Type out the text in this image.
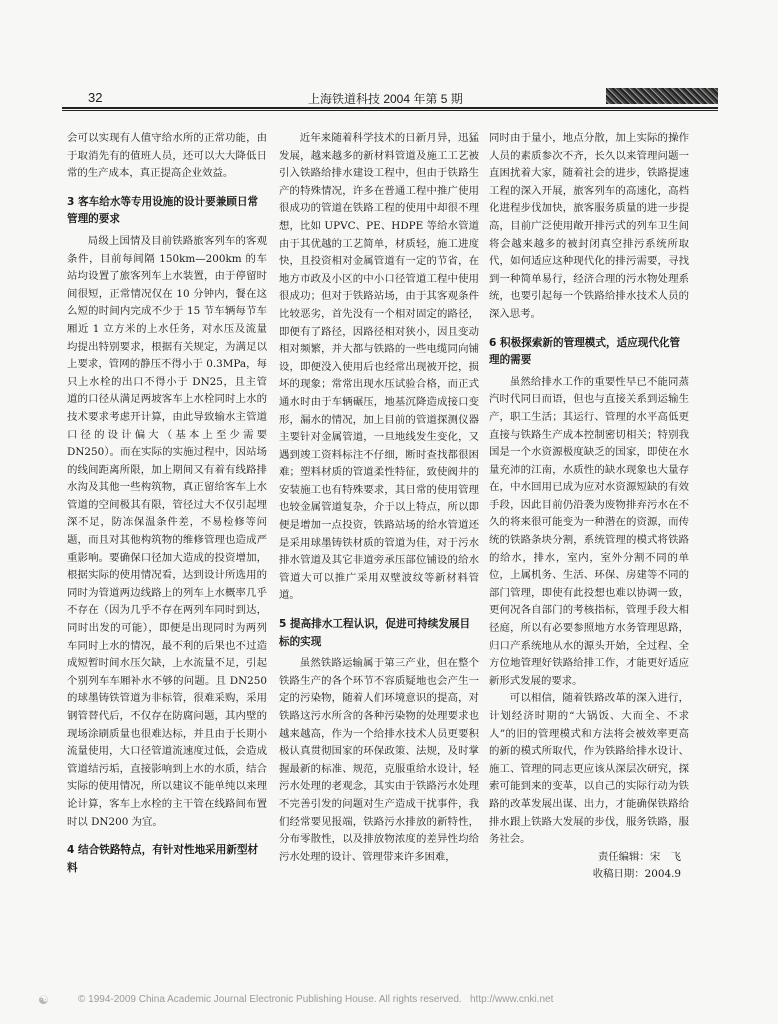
32	上海铁道科技 2004 年第 5 期

会可以实现有人值守给水所的正常功能，由于取消先有的值班人员，还可以大大降低日常的生产成本，真正提高企业效益。

3 客车给水等专用设施的设计要兼顾日常管理的要求

局级上国情及目前铁路旅客列车的客观条件，目前每间隔 150km—200km 的车站均设置了旅客列车上水装置，由于停留时间很短，正常情况仅在 10 分钟内，餐在这么短的时间内完成不少于 15 节车辆每节车厢近 1 立方米的上水任务，对水压及流量均提出特别要求，根据有关规定，为满足以上要求，管网的静压不得小于 0.3MPa，每只上水栓的出口不得小于 DN25，且主管道的口径从满足两坡客车上水栓同时上水的技术要求考虑开计算，由此导致输水主管道口径的设计偏大（基本上至少需要 DN250）。而在实际的实施过程中，因站场的线间距离所限，加上期间又有着有线路排水沟及其他一些构筑物，真正留给客车上水管道的空间极其有限，管径过大不仅引起埋深不足，防冻保温条件差，不易检修等问题，而且对其他构筑物的维修管理也造成严重影响。要确保口径加大造成的投资增加，根据实际的使用情况看，达到设计所选用的同时为管道两边线路上的列车上水概率几乎不存在（因为几乎不存在两列车同时到达，同时出发的可能），即便是出现同时为两列车同时上水的情况，最不利的后果也不过造成短暂时间水压欠缺，上水流量不足，引起个别列车车厢补水不够的问题。且 DN250 的球墨铸铁管道为非标管，很难采购，采用钢管替代后，不仅存在防腐问题，其内壁的现场涂刷质量也很难达标，并且由于长期小流量使用，大口径管道流速度过低，会造成管道结污垢，直接影响到上水的水质，结合实际的使用情况，所以建议不能单纯以来理论计算，客车上水栓的主干管在线路间布置时以 DN200 为宜。

4 结合铁路特点，有针对性地采用新型材料

近年来随着科学技术的日新月异，迅猛发展，越来越多的新材料管道及施工工艺被引入铁路给排水建设工程中，但由于铁路生产的特殊情况，许多在普通工程中推广使用很成功的管道在铁路工程的使用中却很不理想，比如 UPVC、PE、HDPE 等给水管道由于其优越的工艺简单，材质轻，施工进度快，且投资相对金属管道有一定的节省，在地方市政及小区的中小口径管道工程中使用很成功；但对于铁路站场，由于其客观条件比较恶劣，首先没有一个相对固定的路径，即便有了路径，因路径相对狭小，因且变动相对频繁，并大都与铁路的一些电缆同向铺设，即便没入使用后也经常出现被开挖，损坏的现象；常常出现水压试验合格，而正式通水时由于车辆碾压，地基沉降造成接口变形，漏水的情况，加上目前的管道探测仪器主要针对金属管道，一旦地线发生变化，又遇到竣工资料标注不仔细，断时查找都很困难；塑料材质的管道柔性特征，致使阀井的安装施工也有特殊要求，其日常的使用管理也较金属管道复杂，介于以上特点，所以即便是增加一点投资，铁路站场的给水管道还是采用球墨铸铁材质的管道为佳，对于污水排水管道及其它非道旁承压部位铺设的给水管道大可以推广采用双壁波纹等新材料管道。

5 提高排水工程认识，促进可持续发展目标的实现

虽然铁路运输属于第三产业，但在整个铁路生产的各个环节不容质疑地也会产生一定的污染物，随着人们环境意识的提高，对铁路这污水所含的各种污染物的处理要求也越来越高，作为一个给排水技术人员更要积极认真贯彻国家的环保政策、法规，及时掌握最新的标准、规范，克服重给水设计，轻污水处理的老观念，其实由于铁路污水处理不完善引发的问题对生产造成干扰事件，我们经常要见报端，铁路污水排放的新特性，分布零散性，以及排放物浓度的差异性均给污水处理的设计、管理带来许多困难，

同时由于量小，地点分散，加上实际的操作人员的素质参次不齐，长久以来管理问题一直困扰着大家，随着社会的进步，铁路提速工程的深入开展，旅客列车的高速化，高档化进程步伐加快，旅客服务质量的进一步提高，目前广泛使用敞开排污式的列车卫生间将会越来越多的被封闭真空排污系统所取代，如何适应这种现代化的排污需要，寻找到一种简单易行，经济合理的污水物处理系统，也要引起每一个铁路给排水技术人员的深入思考。

6 积极探索新的管理模式，适应现代化管理的需要

虽然给排水工作的重要性早已不能同蒸汽时代同日而语，但也与直接关系到运输生产，职工生活；其运行、管理的水平高低更直接与铁路生产成本控制密切相关；特别我国是一个水资源极度缺乏的国家，即使在水量充沛的江南，水质性的缺水现象也大量存在，中水回用已成为应对水资源短缺的有效手段，因此目前仍沿袭为废物排弃污水在不久的将来很可能变为一种潜在的资源，而传统的铁路条块分割，系统管理的模式将铁路的给水，排水，室内，室外分割不同的单位，上属机务、生活、环保、房建等不同的部门管理，即使有此投想也难以协调一致，更何况各自部门的考核指标，管理手段大相径庭，所以有必要参照地方水务管理思路，归口产系统地从水的源头开始，全过程、全方位地管理好铁路给排工作，才能更好适应新形式发展的要求。

可以相信，随着铁路改革的深入进行，计划经济时期的“大锅饭、大而全、不求人”的旧的管理模式和方法将会被效率更高的新的模式所取代，作为铁路给排水设计、施工、管理的同志更应该从深层次研究，探索可能到来的变革，以自己的实际行动为铁路的改革发展出谋、出力，才能确保铁路给排水跟上铁路大发展的步伐，服务铁路，服务社会。

责任编辑：宋　飞
收稿日期：2004.9
☯	© 1994-2009 China Academic Journal Electronic Publishing House. All rights reserved. http://www.cnki.net
